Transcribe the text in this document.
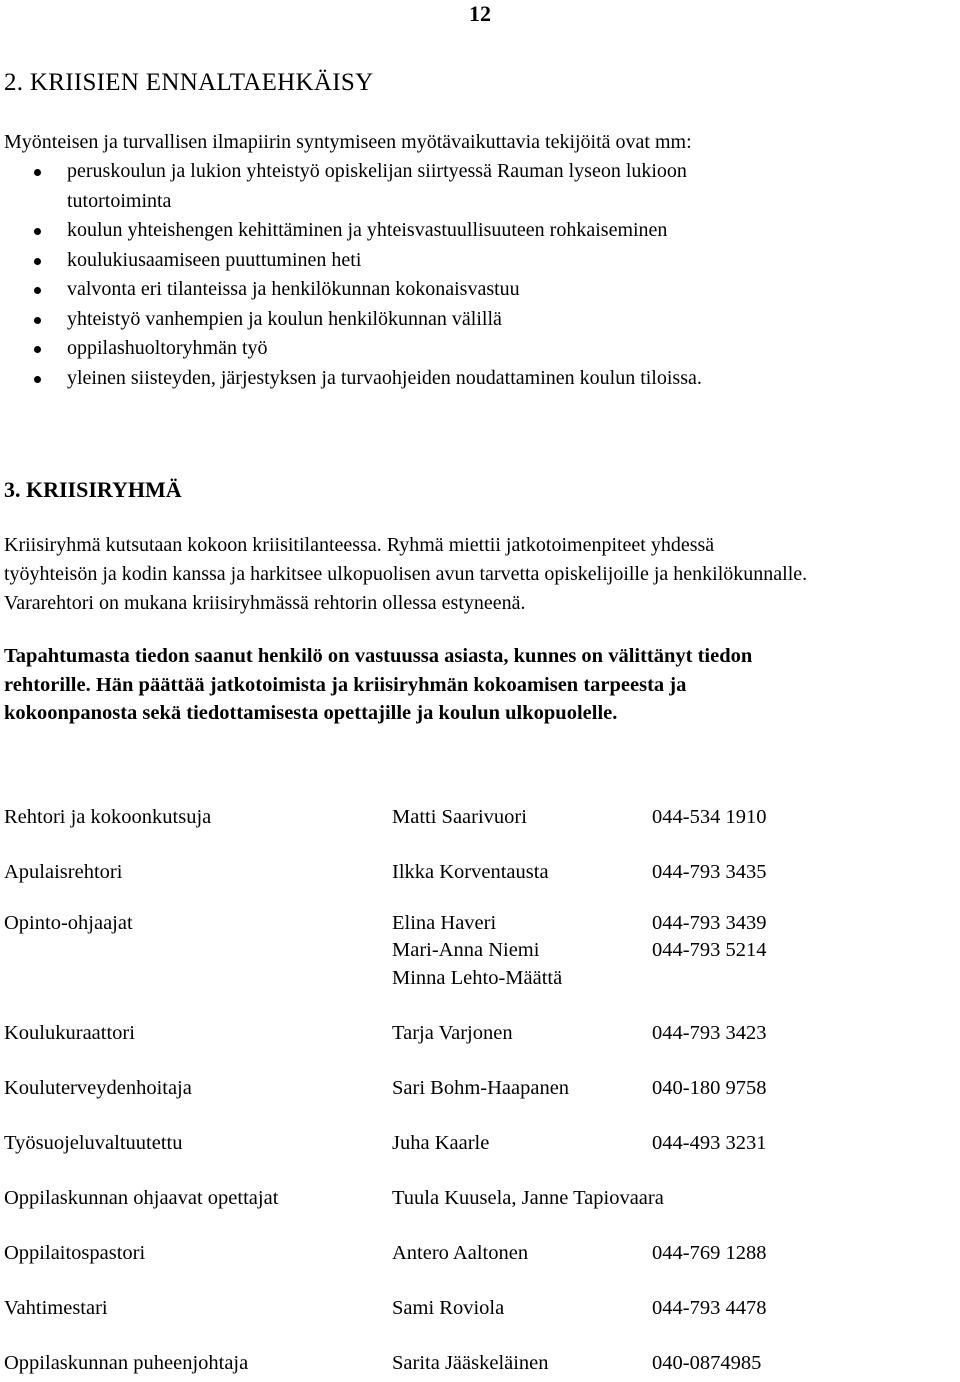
12
2. KRIISIEN ENNALTAEHKÄISY
Myönteisen ja turvallisen ilmapiirin syntymiseen myötävaikuttavia tekijöitä ovat mm:
peruskoulun ja lukion yhteistyö opiskelijan siirtyessä Rauman lyseon lukioon
tutortoiminta
koulun yhteishengen kehittäminen ja yhteisvastuullisuuteen rohkaiseminen
koulukiusaamiseen puuttuminen heti
valvonta eri tilanteissa ja henkilökunnan kokonaisvastuu
yhteistyö vanhempien ja koulun henkilökunnan välillä
oppilashuoltoryhmän työ
yleinen siisteyden, järjestyksen ja turvaohjeiden noudattaminen koulun tiloissa.
3. KRIISIRYHMÄ
Kriisiryhmä kutsutaan kokoon kriisitilanteessa. Ryhmä miettii jatkotoimenpiteet yhdessä
työyhteisön ja kodin kanssa ja harkitsee ulkopuolisen avun tarvetta opiskelijoille ja henkilökunnalle.
Vararehtori on mukana kriisiryhmässä rehtorin ollessa estyneenä.
Tapahtumasta tiedon saanut henkilö on vastuussa asiasta, kunnes on välittänyt tiedon
rehtorille. Hän päättää jatkotoimista ja kriisiryhmän kokoamisen tarpeesta ja
kokoonpanosta sekä tiedottamisesta opettajille ja koulun ulkopuolelle.
Rehtori ja kokoonkutsuja	Matti Saarivuori	044-534 1910
Apulaisrehtori	Ilkka Korventausta	044-793 3435
Opinto-ohjaajat	Elina Haveri	044-793 3439
Mari-Anna Niemi	044-793 5214
Minna Lehto-Määttä
Koulukuraattori	Tarja Varjonen	044-793 3423
Kouluterveydenhoitaja	Sari Bohm-Haapanen	040-180 9758
Työsuojeluvaltuutettu	Juha Kaarle	044-493 3231
Oppilaskunnan ohjaavat opettajat	Tuula Kuusela, Janne Tapiovaara
Oppilaitospastori	Antero Aaltonen	044-769 1288
Vahtimestari	Sami Roviola	044-793 4478
Oppilaskunnan puheenjohtaja	Sarita Jääskeläinen	040-0874985
